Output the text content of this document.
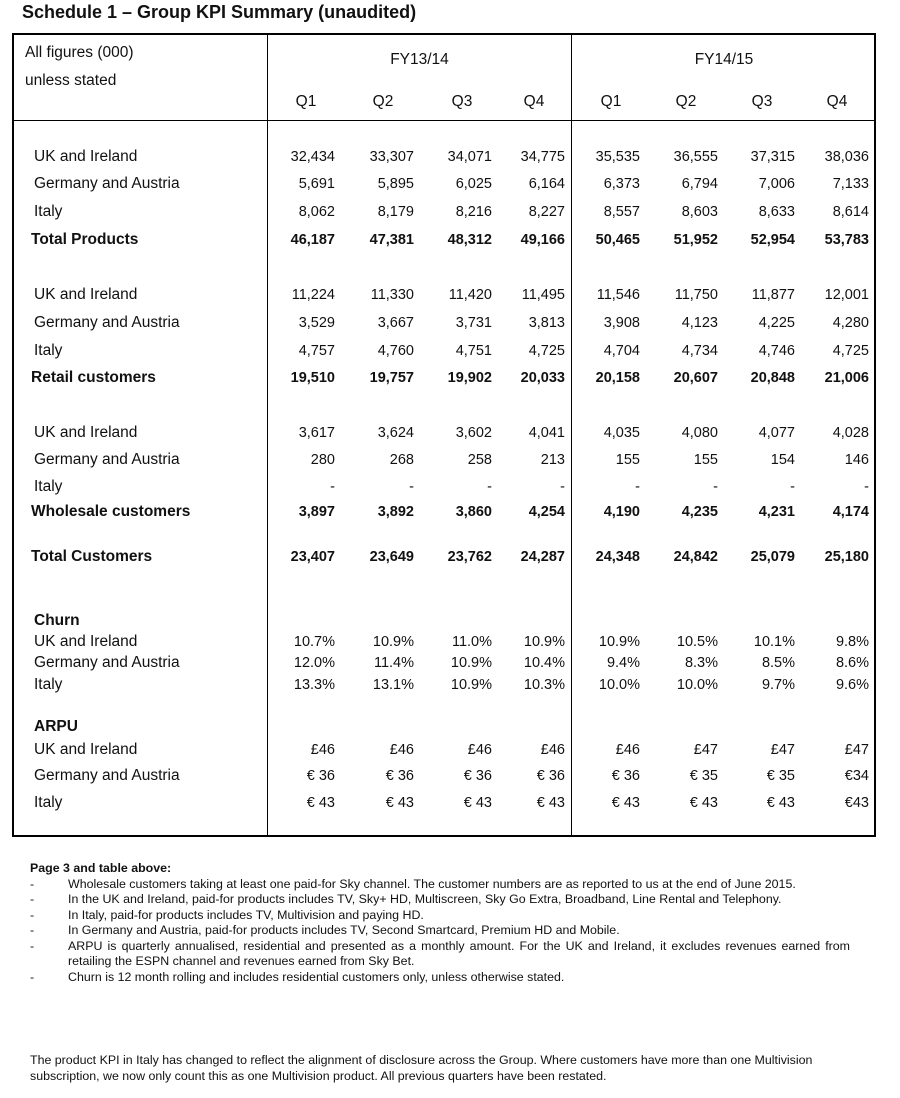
Schedule 1 – Group KPI Summary (unaudited)
All figures (000)
unless stated
FY13/14	FY14/15
Q1	Q2	Q3	Q4	Q1	Q2	Q3	Q4
UK and Ireland	32,434	33,307	34,071	34,775	35,535	36,555	37,315	38,036
Germany and Austria	5,691	5,895	6,025	6,164	6,373	6,794	7,006	7,133
Italy	8,062	8,179	8,216	8,227	8,557	8,603	8,633	8,614
Total Products	46,187	47,381	48,312	49,166	50,465	51,952	52,954	53,783
UK and Ireland	11,224	11,330	11,420	11,495	11,546	11,750	11,877	12,001
Germany and Austria	3,529	3,667	3,731	3,813	3,908	4,123	4,225	4,280
Italy	4,757	4,760	4,751	4,725	4,704	4,734	4,746	4,725
Retail customers	19,510	19,757	19,902	20,033	20,158	20,607	20,848	21,006
UK and Ireland	3,617	3,624	3,602	4,041	4,035	4,080	4,077	4,028
Germany and Austria	280	268	258	213	155	155	154	146
Italy	-	-	-	-	-	-	-	-
Wholesale customers	3,897	3,892	3,860	4,254	4,190	4,235	4,231	4,174
Total Customers	23,407	23,649	23,762	24,287	24,348	24,842	25,079	25,180
Churn
UK and Ireland	10.7%	10.9%	11.0%	10.9%	10.9%	10.5%	10.1%	9.8%
Germany and Austria	12.0%	11.4%	10.9%	10.4%	9.4%	8.3%	8.5%	8.6%
Italy	13.3%	13.1%	10.9%	10.3%	10.0%	10.0%	9.7%	9.6%
ARPU
UK and Ireland	£46	£46	£46	£46	£46	£47	£47	£47
Germany and Austria	€ 36	€ 36	€ 36	€ 36	€ 36	€ 35	€ 35	€34
Italy	€ 43	€ 43	€ 43	€ 43	€ 43	€ 43	€ 43	€43
Page 3 and table above:
-	Wholesale customers taking at least one paid-for Sky channel. The customer numbers are as reported to us at the end of June 2015.
-	In the UK and Ireland, paid-for products includes TV, Sky+ HD, Multiscreen, Sky Go Extra, Broadband, Line Rental and Telephony.
-	In Italy, paid-for products includes TV, Multivision and paying HD.
-	In Germany and Austria, paid-for products includes TV, Second Smartcard, Premium HD and Mobile.
-	ARPU is quarterly annualised, residential and presented as a monthly amount. For the UK and Ireland, it excludes revenues earned from retailing the ESPN channel and revenues earned from Sky Bet.
-	Churn is 12 month rolling and includes residential customers only, unless otherwise stated.
The product KPI in Italy has changed to reflect the alignment of disclosure across the Group. Where customers have more than one Multivision subscription, we now only count this as one Multivision product. All previous quarters have been restated.
